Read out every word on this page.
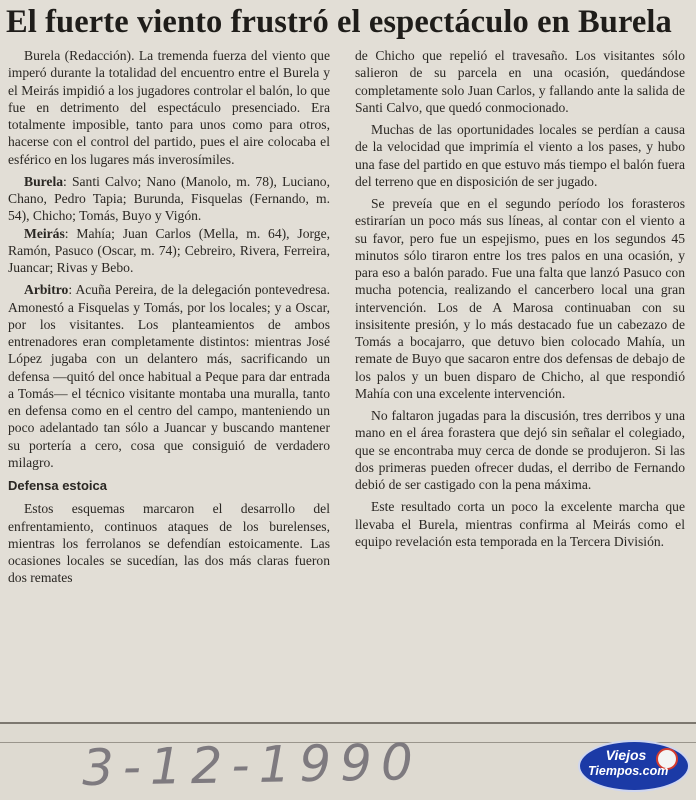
El fuerte viento frustró el espectáculo en Burela

Burela (Redacción). La tremenda fuerza del viento que imperó durante la totalidad del encuentro entre el Burela y el Meirás impidió a los jugadores controlar el balón, lo que fue en detrimento del espectáculo presenciado. Era totalmente imposible, tanto para unos como para otros, hacerse con el control del partido, pues el aire colocaba el esférico en los lugares más inverosímiles.

Burela: Santi Calvo; Nano (Manolo, m. 78), Luciano, Chano, Pedro Tapia; Burunda, Fisquelas (Fernando, m. 54), Chicho; Tomás, Buyo y Vigón.

Meirás: Mahía; Juan Carlos (Mella, m. 64), Jorge, Ramón, Pasuco (Oscar, m. 74); Cebreiro, Rivera, Ferreira, Juancar; Rivas y Bebo.

Arbitro: Acuña Pereira, de la delegación pontevedresa. Amonestó a Fisquelas y Tomás, por los locales; y a Oscar, por los visitantes. Los planteamientos de ambos entrenadores eran completamente distintos: mientras José López jugaba con un delantero más, sacrificando un defensa —quitó del once habitual a Peque para dar entrada a Tomás— el técnico visitante montaba una muralla, tanto en defensa como en el centro del campo, manteniendo un poco adelantado tan sólo a Juancar y buscando mantener su portería a cero, cosa que consiguió de verdadero milagro.

Defensa estoica

Estos esquemas marcaron el desarrollo del enfrentamiento, continuos ataques de los burelenses, mientras los ferrolanos se defendían estoicamente. Las ocasiones locales se sucedían, las dos más claras fueron dos remates

de Chicho que repelió el travesaño. Los visitantes sólo salieron de su parcela en una ocasión, quedándose completamente solo Juan Carlos, y fallando ante la salida de Santi Calvo, que quedó conmocionado.

Muchas de las oportunidades locales se perdían a causa de la velocidad que imprimía el viento a los pases, y hubo una fase del partido en que estuvo más tiempo el balón fuera del terreno que en disposición de ser jugado.

Se preveía que en el segundo período los forasteros estirarían un poco más sus líneas, al contar con el viento a su favor, pero fue un espejismo, pues en los segundos 45 minutos sólo tiraron entre los tres palos en una ocasión, y para eso a balón parado. Fue una falta que lanzó Pasuco con mucha potencia, realizando el cancerbero local una gran intervención. Los de A Marosa continuaban con su insisitente presión, y lo más destacado fue un cabezazo de Tomás a bocajarro, que detuvo bien colocado Mahía, un remate de Buyo que sacaron entre dos defensas de debajo de los palos y un buen disparo de Chicho, al que respondió Mahía con una excelente intervención.

No faltaron jugadas para la discusión, tres derribos y una mano en el área forastera que dejó sin señalar el colegiado, que se encontraba muy cerca de donde se produjeron. Si las dos primeras pueden ofrecer dudas, el derribo de Fernando debió de ser castigado con la pena máxima.

Este resultado corta un poco la excelente marcha que llevaba el Burela, mientras confirma al Meirás como el equipo revelación esta temporada en la Tercera División.

3-12-1990	Viejos
Tiempos.com
